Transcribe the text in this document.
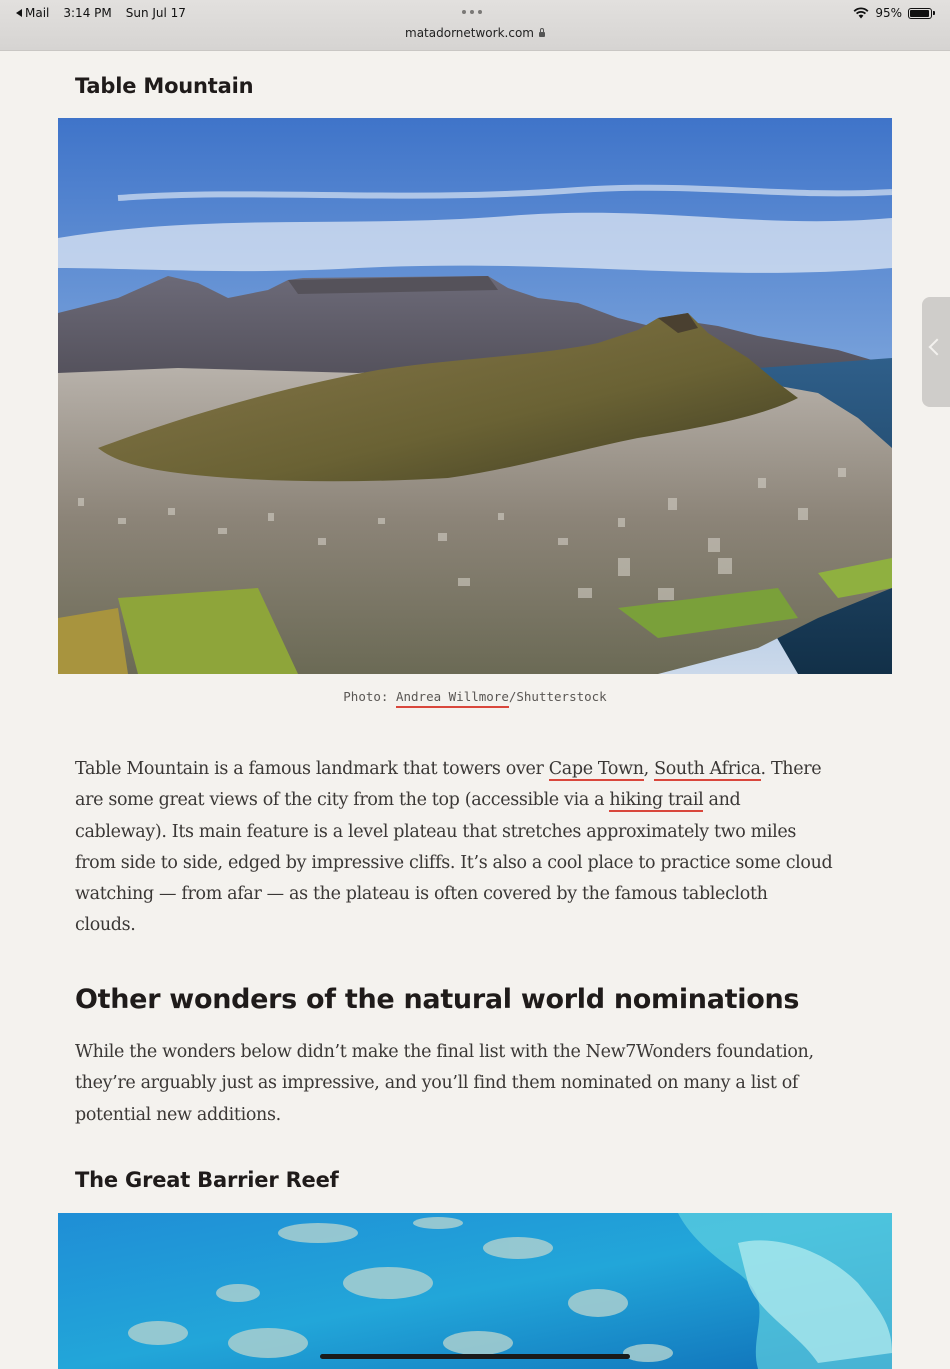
Mail 3:14 PM Sun Jul 17
matadornetwork.com
95%
Table Mountain
Photo: Andrea Willmore/Shutterstock
Table Mountain is a famous landmark that towers over Cape Town, South Africa. There
are some great views of the city from the top (accessible via a hiking trail and
cableway). Its main feature is a level plateau that stretches approximately two miles
from side to side, edged by impressive cliffs. It’s also a cool place to practice some cloud
watching — from afar — as the plateau is often covered by the famous tablecloth
clouds.
Other wonders of the natural world nominations
While the wonders below didn’t make the final list with the New7Wonders foundation,
they’re arguably just as impressive, and you’ll find them nominated on many a list of
potential new additions.
The Great Barrier Reef
